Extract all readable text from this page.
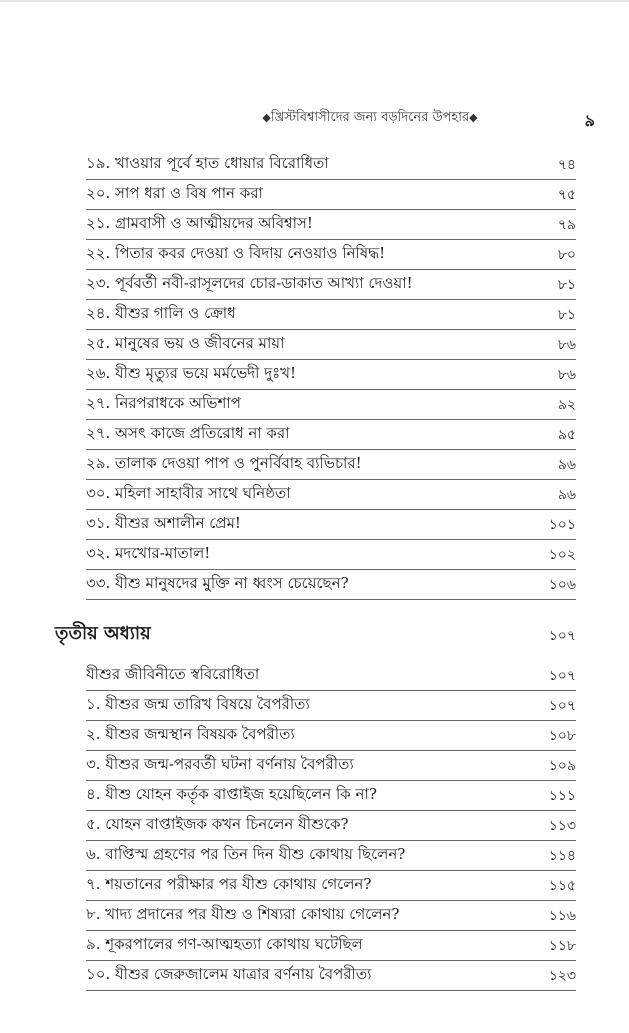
◆খ্রিস্টবিশ্বাসীদের জন্য বড়দিনের উপহার◆	৯
১৯. খাওয়ার পূর্বে হাত ধোয়ার বিরোধিতা	৭৪
২০. সাপ ধরা ও বিষ পান করা	৭৫
২১. গ্রামবাসী ও আত্মীয়দের অবিশ্বাস!	৭৯
২২. পিতার কবর দেওয়া ও বিদায় নেওয়াও নিষিদ্ধ!	৮০
২৩. পূর্ববর্তী নবী-রাসূলদের চোর-ডাকাত আখ্যা দেওয়া!	৮১
২৪. যীশুর গালি ও ক্রোধ	৮১
২৫. মানুষের ভয় ও জীবনের মায়া	৮৬
২৬. যীশু মৃত্যুর ভয়ে মর্মভেদী দুঃখ!	৮৬
২৭. নিরপরাধকে অভিশাপ	৯২
২৭. অসৎ কাজে প্রতিরোধ না করা	৯৫
২৯. তালাক দেওয়া পাপ ও পুনর্বিবাহ ব্যভিচার!	৯৬
৩০. মহিলা সাহাবীর সাথে ঘনিষ্ঠতা	৯৬
৩১. যীশুর অশালীন প্রেম!	১০১
৩২. মদখোর-মাতাল!	১০২
৩৩. যীশু মানুষদের মুক্তি না ধ্বংস চেয়েছেন?	১০৬
তৃতীয় অধ্যায়	১০৭
যীশুর জীবিনীতে স্ববিরোধিতা	১০৭
১. যীশুর জন্ম তারিখ বিষয়ে বৈপরীত্য	১০৭
২. যীশুর জন্মস্থান বিষয়ক বৈপরীত্য	১০৮
৩. যীশুর জন্ম-পরবর্তী ঘটনা বর্ণনায় বৈপরীত্য	১০৯
৪. যীশু যোহন কর্তৃক বাপ্তাইজ হয়েছিলেন কি না?	১১১
৫. যোহন বাপ্তাইজক কখন চিনলেন যীশুকে?	১১৩
৬. বাপ্তিস্ম গ্রহণের পর তিন দিন যীশু কোথায় ছিলেন?	১১৪
৭. শয়তানের পরীক্ষার পর যীশু কোথায় গেলেন?	১১৫
৮. খাদ্য প্রদানের পর যীশু ও শিষ্যরা কোথায় গেলেন?	১১৬
৯. শূকরপালের গণ-আত্মহত্যা কোথায় ঘটেছিল	১১৮
১০. যীশুর জেরুজালেম যাত্রার বর্ণনায় বৈপরীত্য	১২৩
